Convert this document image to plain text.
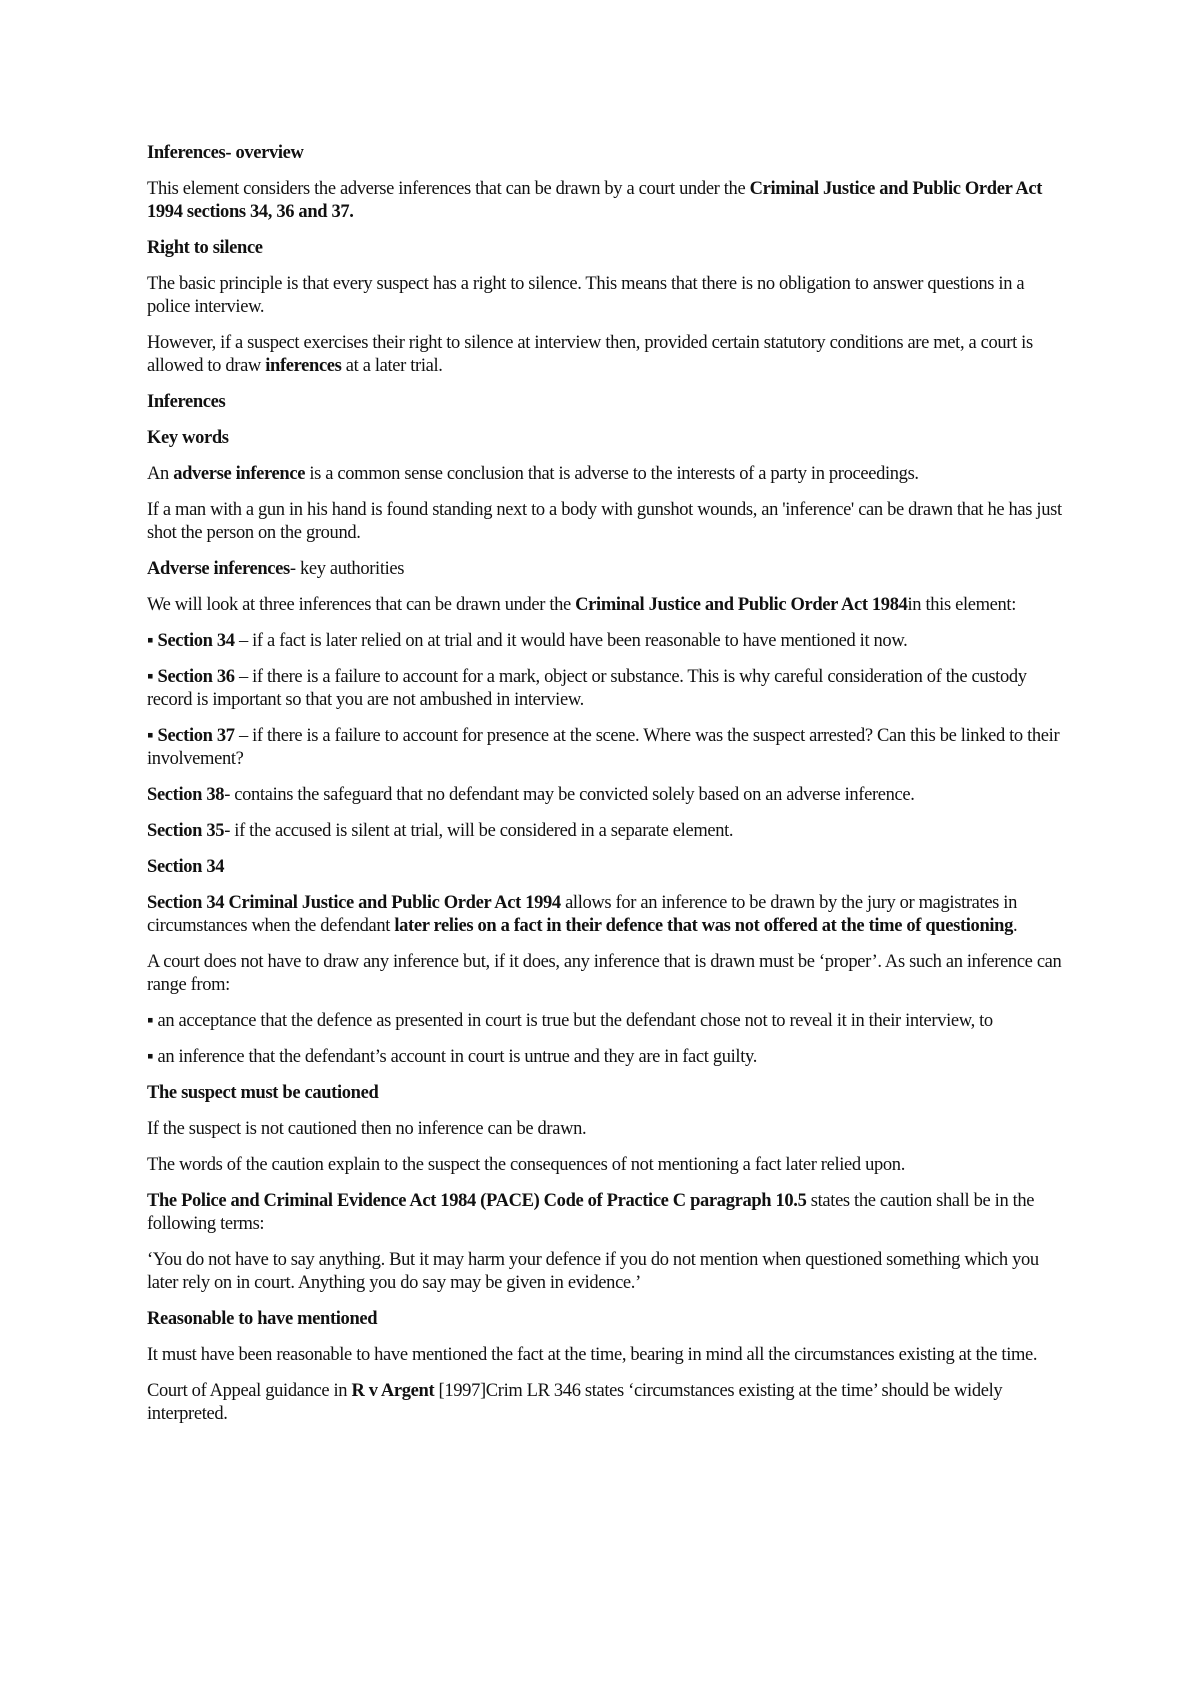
Inferences- overview

This element considers the adverse inferences that can be drawn by a court under the Criminal Justice and Public Order Act 1994 sections 34, 36 and 37.

Right to silence

The basic principle is that every suspect has a right to silence. This means that there is no obligation to answer questions in a police interview.

However, if a suspect exercises their right to silence at interview then, provided certain statutory conditions are met, a court is allowed to draw inferences at a later trial.

Inferences

Key words

An adverse inference is a common sense conclusion that is adverse to the interests of a party in proceedings.

If a man with a gun in his hand is found standing next to a body with gunshot wounds, an 'inference' can be drawn that he has just shot the person on the ground.

Adverse inferences- key authorities

We will look at three inferences that can be drawn under the Criminal Justice and Public Order Act 1984in this element:

▪ Section 34 – if a fact is later relied on at trial and it would have been reasonable to have mentioned it now.

▪ Section 36 – if there is a failure to account for a mark, object or substance. This is why careful consideration of the custody record is important so that you are not ambushed in interview.

▪ Section 37 – if there is a failure to account for presence at the scene. Where was the suspect arrested? Can this be linked to their involvement?

Section 38- contains the safeguard that no defendant may be convicted solely based on an adverse inference.

Section 35- if the accused is silent at trial, will be considered in a separate element.

Section 34

Section 34 Criminal Justice and Public Order Act 1994 allows for an inference to be drawn by the jury or magistrates in circumstances when the defendant later relies on a fact in their defence that was not offered at the time of questioning.

A court does not have to draw any inference but, if it does, any inference that is drawn must be ‘proper’. As such an inference can range from:

▪ an acceptance that the defence as presented in court is true but the defendant chose not to reveal it in their interview, to

▪ an inference that the defendant’s account in court is untrue and they are in fact guilty.

The suspect must be cautioned

If the suspect is not cautioned then no inference can be drawn.

The words of the caution explain to the suspect the consequences of not mentioning a fact later relied upon.

The Police and Criminal Evidence Act 1984 (PACE) Code of Practice C paragraph 10.5 states the caution shall be in the following terms:

‘You do not have to say anything. But it may harm your defence if you do not mention when questioned something which you later rely on in court. Anything you do say may be given in evidence.’

Reasonable to have mentioned

It must have been reasonable to have mentioned the fact at the time, bearing in mind all the circumstances existing at the time.

Court of Appeal guidance in R v Argent [1997]Crim LR 346 states ‘circumstances existing at the time’ should be widely interpreted.
